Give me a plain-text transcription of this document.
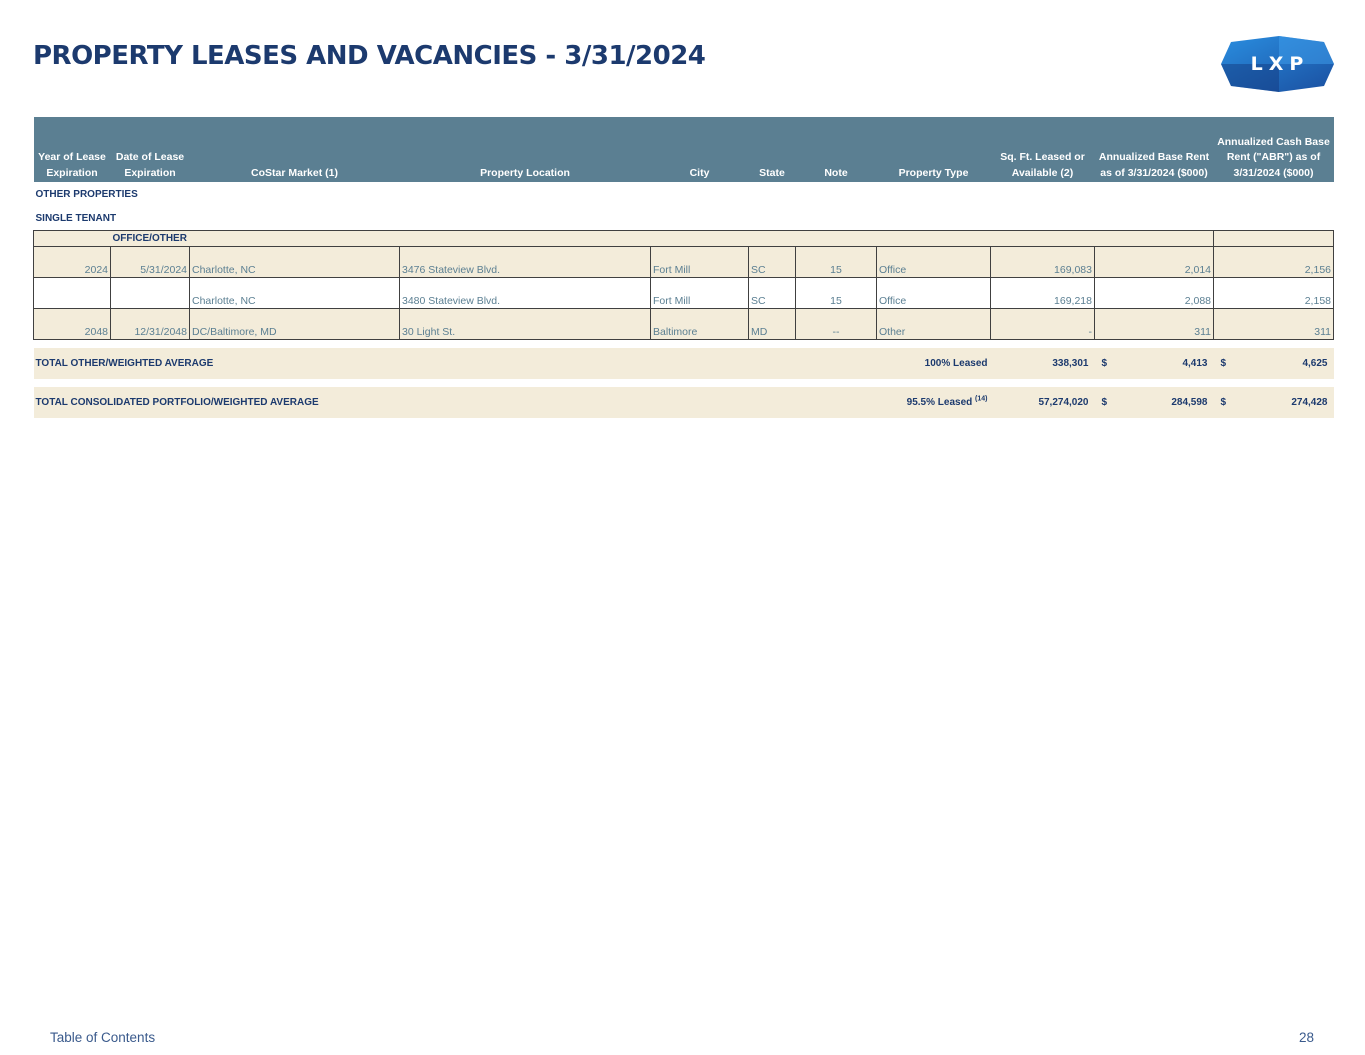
PROPERTY LEASES AND VACANCIES - 3/31/2024	LXP
Year of Lease Expiration	Date of Lease Expiration	CoStar Market (1)	Property Location	City	State	Note	Property Type	Sq. Ft. Leased or Available (2)	Annualized Base Rent as of 3/31/2024 ($000)	Annualized Cash Base Rent ("ABR") as of 3/31/2024 ($000)
OTHER PROPERTIES										
SINGLE TENANT										
	OFFICE/OTHER									
2024	5/31/2024	Charlotte, NC	3476 Stateview Blvd.	Fort Mill	SC	15	Office	169,083	2,014	2,156
		Charlotte, NC	3480 Stateview Blvd.	Fort Mill	SC	15	Office	169,218	2,088	2,158
2048	12/31/2048	DC/Baltimore, MD	30 Light St.	Baltimore	MD	--	Other	-	311	311

TOTAL OTHER/WEIGHTED AVERAGE 100% Leased								338,301	$ 4,413	$ 4,625

TOTAL CONSOLIDATED PORTFOLIO/WEIGHTED AVERAGE 95.5% Leased $^{(14)}$								57,274,020	$ 284,598	$ 274,428
Table of Contents	28
